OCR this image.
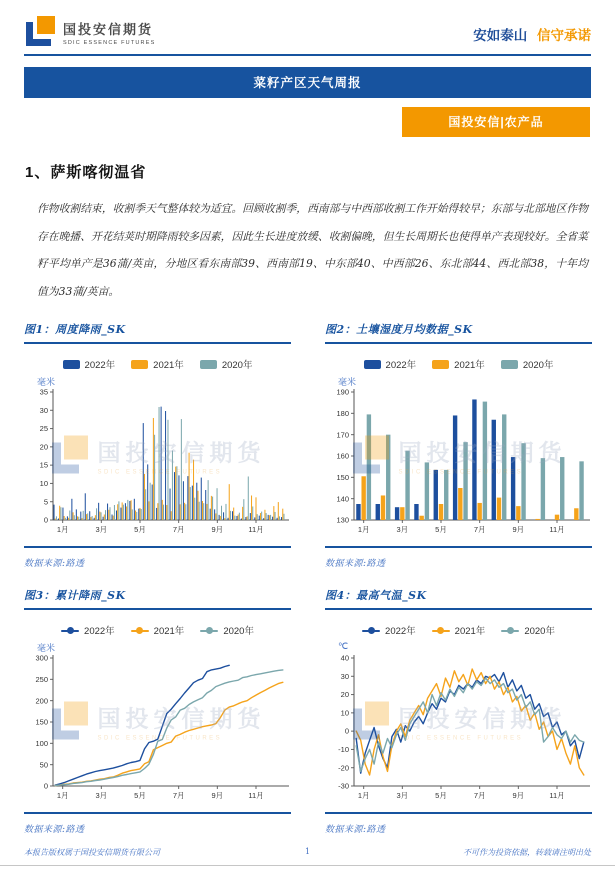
国投安信期货
SDIC ESSENCE FUTURES	安如泰山 信守承诺
菜籽产区天气周报
国投安信|农产品
1、萨斯喀彻温省
作物收割结束，收割季天气整体较为适宜。回顾收割季，西南部与中西部收割工作开始得较早；东部与北部地区作物存在晚播、开花结荚时期降雨较多因素，因此生长进度放缓、收割偏晚，但生长周期长也使得单产表现较好。全省菜籽平均单产是36蒲/英亩，分地区看东南部39、西南部19、中东部40、中西部26、东北部44、西北部38，十年均值为33蒲/英亩。
图1：周度降雨_SK
2022年	2021年	2020年
毫米
0
5
10
15
20
25
30
35
1月	3月	5月	7月	9月	11月
国投安信期货
SDIC ESSENCE FUTURES
数据来源:路透
图2：土壤湿度月均数据_SK
2022年	2021年	2020年
毫米
130
140
150
160
170
180
190
1月	3月	5月	7月	9月	11月
国投安信期货
SDIC ESSENCE FUTURES
数据来源:路透
图3：累计降雨_SK
2022年	2021年	2020年
毫米
0
50
100
150
200
250
300
1月	3月	5月	7月	9月	11月
国投安信期货
SDIC ESSENCE FUTURES
数据来源:路透
图4：最高气温_SK
2022年	2021年	2020年
℃
-30
-20
-10
0
10
20
30
40
1月	3月	5月	7月	9月	11月
国投安信期货
SDIC ESSENCE FUTURES
数据来源:路透
本报告版权属于国投安信期货有限公司	1	不可作为投资依据，转载请注明出处
